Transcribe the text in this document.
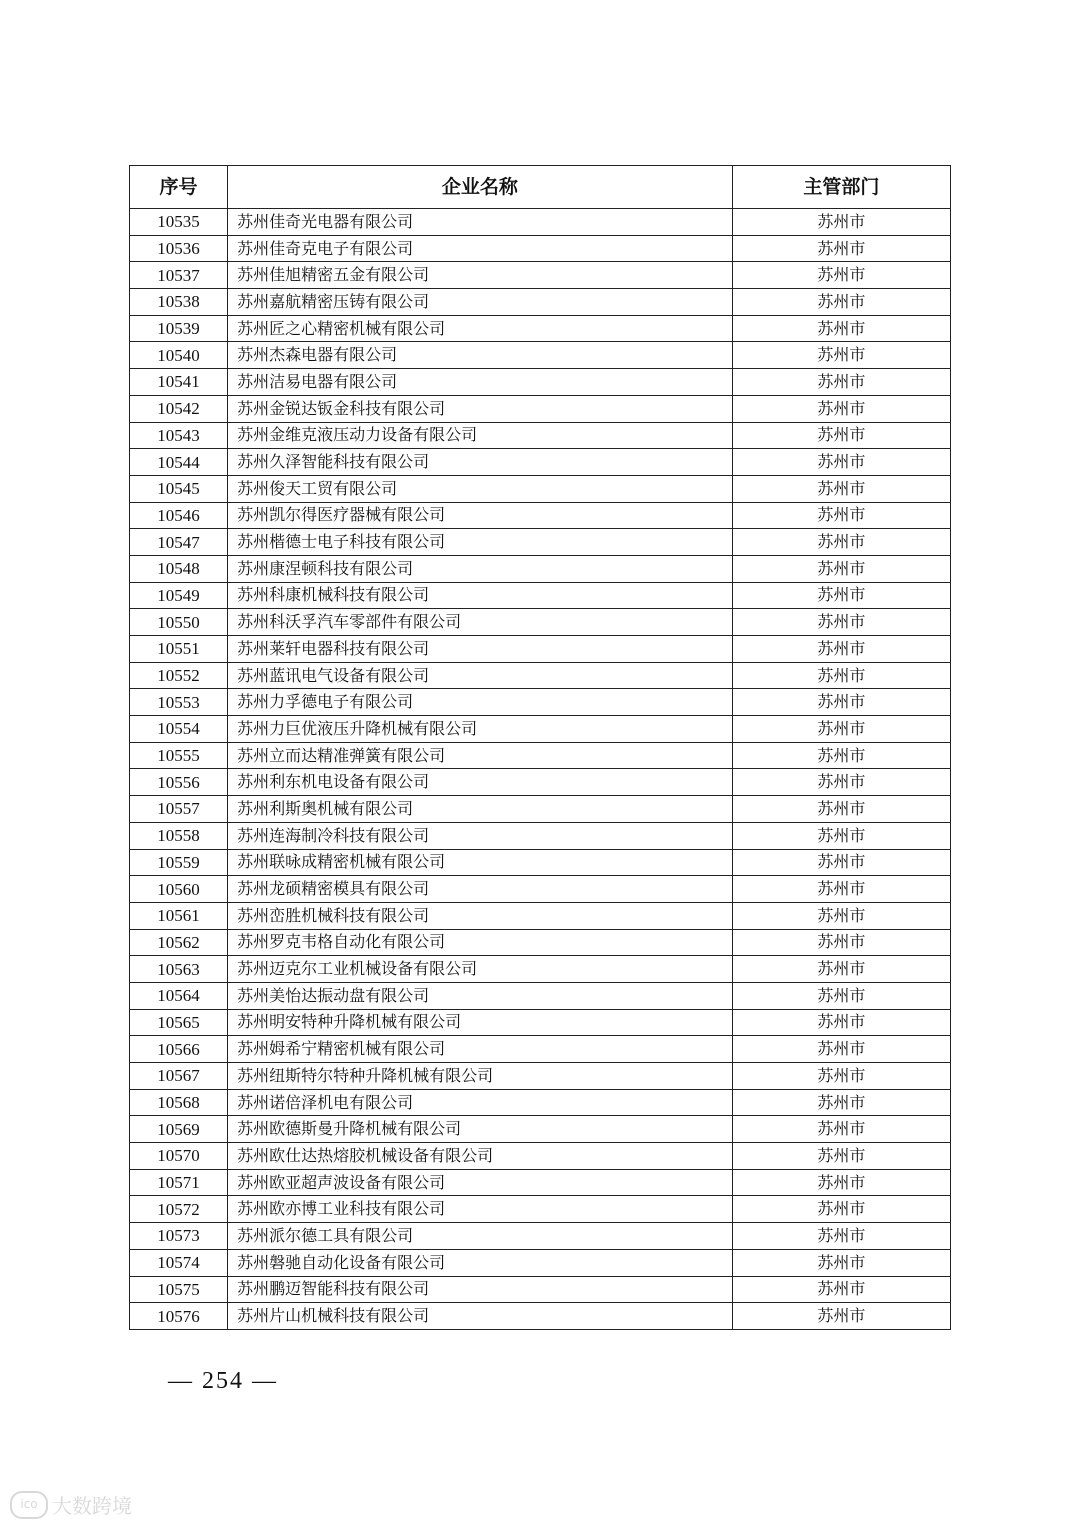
序号	企业名称	主管部门
10535	苏州佳奇光电器有限公司	苏州市
10536	苏州佳奇克电子有限公司	苏州市
10537	苏州佳旭精密五金有限公司	苏州市
10538	苏州嘉航精密压铸有限公司	苏州市
10539	苏州匠之心精密机械有限公司	苏州市
10540	苏州杰森电器有限公司	苏州市
10541	苏州洁易电器有限公司	苏州市
10542	苏州金锐达钣金科技有限公司	苏州市
10543	苏州金维克液压动力设备有限公司	苏州市
10544	苏州久泽智能科技有限公司	苏州市
10545	苏州俊天工贸有限公司	苏州市
10546	苏州凯尔得医疗器械有限公司	苏州市
10547	苏州楷德士电子科技有限公司	苏州市
10548	苏州康涅顿科技有限公司	苏州市
10549	苏州科康机械科技有限公司	苏州市
10550	苏州科沃孚汽车零部件有限公司	苏州市
10551	苏州莱轩电器科技有限公司	苏州市
10552	苏州蓝讯电气设备有限公司	苏州市
10553	苏州力孚德电子有限公司	苏州市
10554	苏州力巨优液压升降机械有限公司	苏州市
10555	苏州立而达精准弹簧有限公司	苏州市
10556	苏州利东机电设备有限公司	苏州市
10557	苏州利斯奥机械有限公司	苏州市
10558	苏州连海制冷科技有限公司	苏州市
10559	苏州联咏成精密机械有限公司	苏州市
10560	苏州龙硕精密模具有限公司	苏州市
10561	苏州峦胜机械科技有限公司	苏州市
10562	苏州罗克韦格自动化有限公司	苏州市
10563	苏州迈克尔工业机械设备有限公司	苏州市
10564	苏州美怡达振动盘有限公司	苏州市
10565	苏州明安特种升降机械有限公司	苏州市
10566	苏州姆希宁精密机械有限公司	苏州市
10567	苏州纽斯特尔特种升降机械有限公司	苏州市
10568	苏州诺倍泽机电有限公司	苏州市
10569	苏州欧德斯曼升降机械有限公司	苏州市
10570	苏州欧仕达热熔胶机械设备有限公司	苏州市
10571	苏州欧亚超声波设备有限公司	苏州市
10572	苏州欧亦博工业科技有限公司	苏州市
10573	苏州派尔德工具有限公司	苏州市
10574	苏州磐驰自动化设备有限公司	苏州市
10575	苏州鹏迈智能科技有限公司	苏州市
10576	苏州片山机械科技有限公司	苏州市
— 254 —
ico 大数跨境
